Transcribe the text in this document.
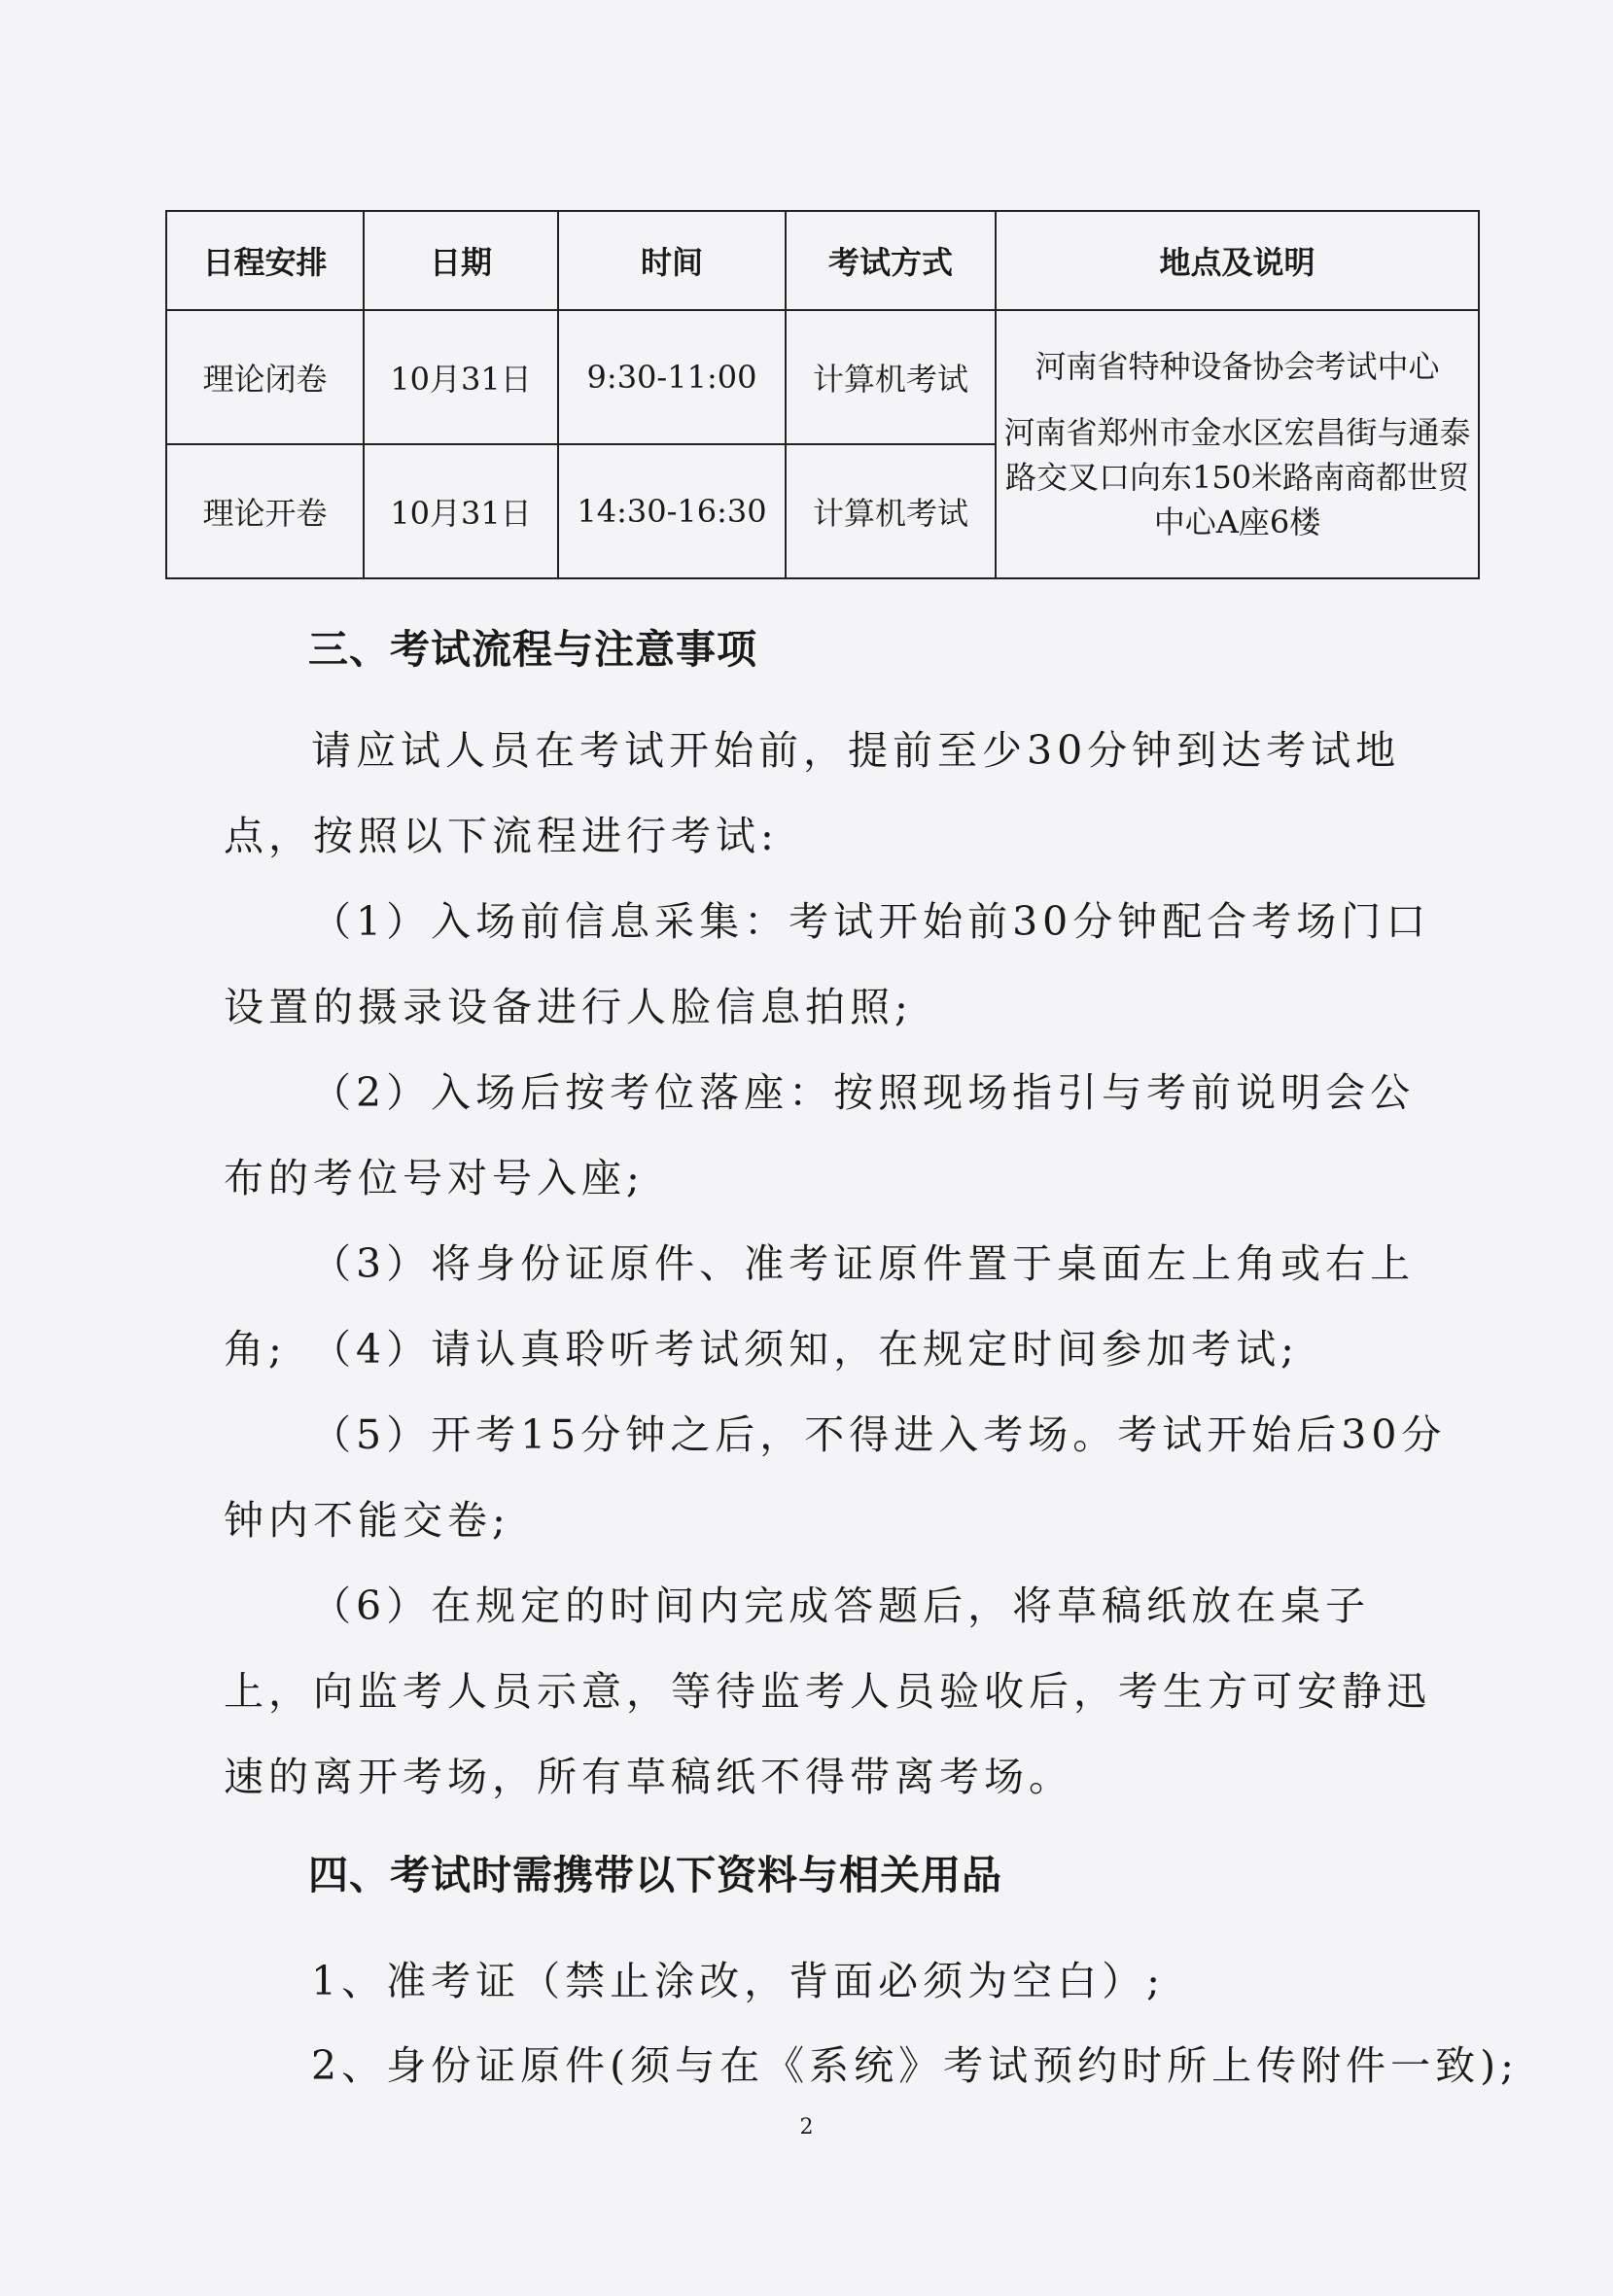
日程安排	日期	时间	考试方式	地点及说明
理论闭卷	10月31日	9:30-11:00	计算机考试	河南省特种设备协会考试中心
河南省郑州市金水区宏昌街与通泰路交叉口向东150米路南商都世贸中心A座6楼

理论开卷	10月31日	14:30-16:30	计算机考试	
三、考试流程与注意事项
请应试人员在考试开始前，提前至少30分钟到达考试地点，按照以下流程进行考试:
（1）入场前信息采集：考试开始前30分钟配合考场门口设置的摄录设备进行人脸信息拍照;
（2）入场后按考位落座：按照现场指引与考前说明会公布的考位号对号入座;
（3）将身份证原件、准考证原件置于桌面左上角或右上角; （4）请认真聆听考试须知，在规定时间参加考试;
（5）开考15分钟之后，不得进入考场。考试开始后30分钟内不能交卷;
（6）在规定的时间内完成答题后，将草稿纸放在桌子上，向监考人员示意，等待监考人员验收后，考生方可安静迅速的离开考场，所有草稿纸不得带离考场。
四、考试时需携带以下资料与相关用品
1、准考证（禁止涂改，背面必须为空白）;
2、身份证原件(须与在《系统》考试预约时所上传附件一致);
2
